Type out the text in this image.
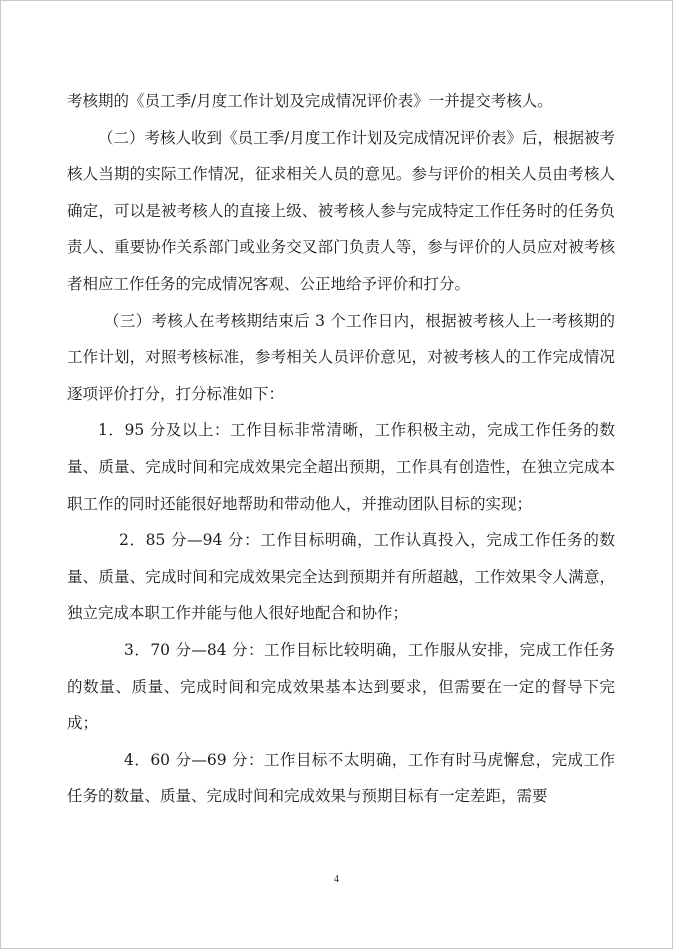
考核期的《员工季/月度工作计划及完成情况评价表》一并提交考核人。

（二）考核人收到《员工季/月度工作计划及完成情况评价表》后，根据被考核人当期的实际工作情况，征求相关人员的意见。参与评价的相关人员由考核人确定，可以是被考核人的直接上级、被考核人参与完成特定工作任务时的任务负责人、重要协作关系部门或业务交叉部门负责人等，参与评价的人员应对被考核者相应工作任务的完成情况客观、公正地给予评价和打分。

（三）考核人在考核期结束后 3 个工作日内，根据被考核人上一考核期的工作计划，对照考核标准，参考相关人员评价意见，对被考核人的工作完成情况逐项评价打分，打分标准如下：

1．95 分及以上：工作目标非常清晰，工作积极主动，完成工作任务的数量、质量、完成时间和完成效果完全超出预期，工作具有创造性，在独立完成本职工作的同时还能很好地帮助和带动他人，并推动团队目标的实现；

2．85 分—94 分：工作目标明确，工作认真投入，完成工作任务的数量、质量、完成时间和完成效果完全达到预期并有所超越，工作效果令人满意，独立完成本职工作并能与他人很好地配合和协作；

3．70 分—84 分：工作目标比较明确，工作服从安排，完成工作任务的数量、质量、完成时间和完成效果基本达到要求，但需要在一定的督导下完成；

4．60 分—69 分：工作目标不太明确，工作有时马虎懈怠，完成工作任务的数量、质量、完成时间和完成效果与预期目标有一定差距，需要

4
